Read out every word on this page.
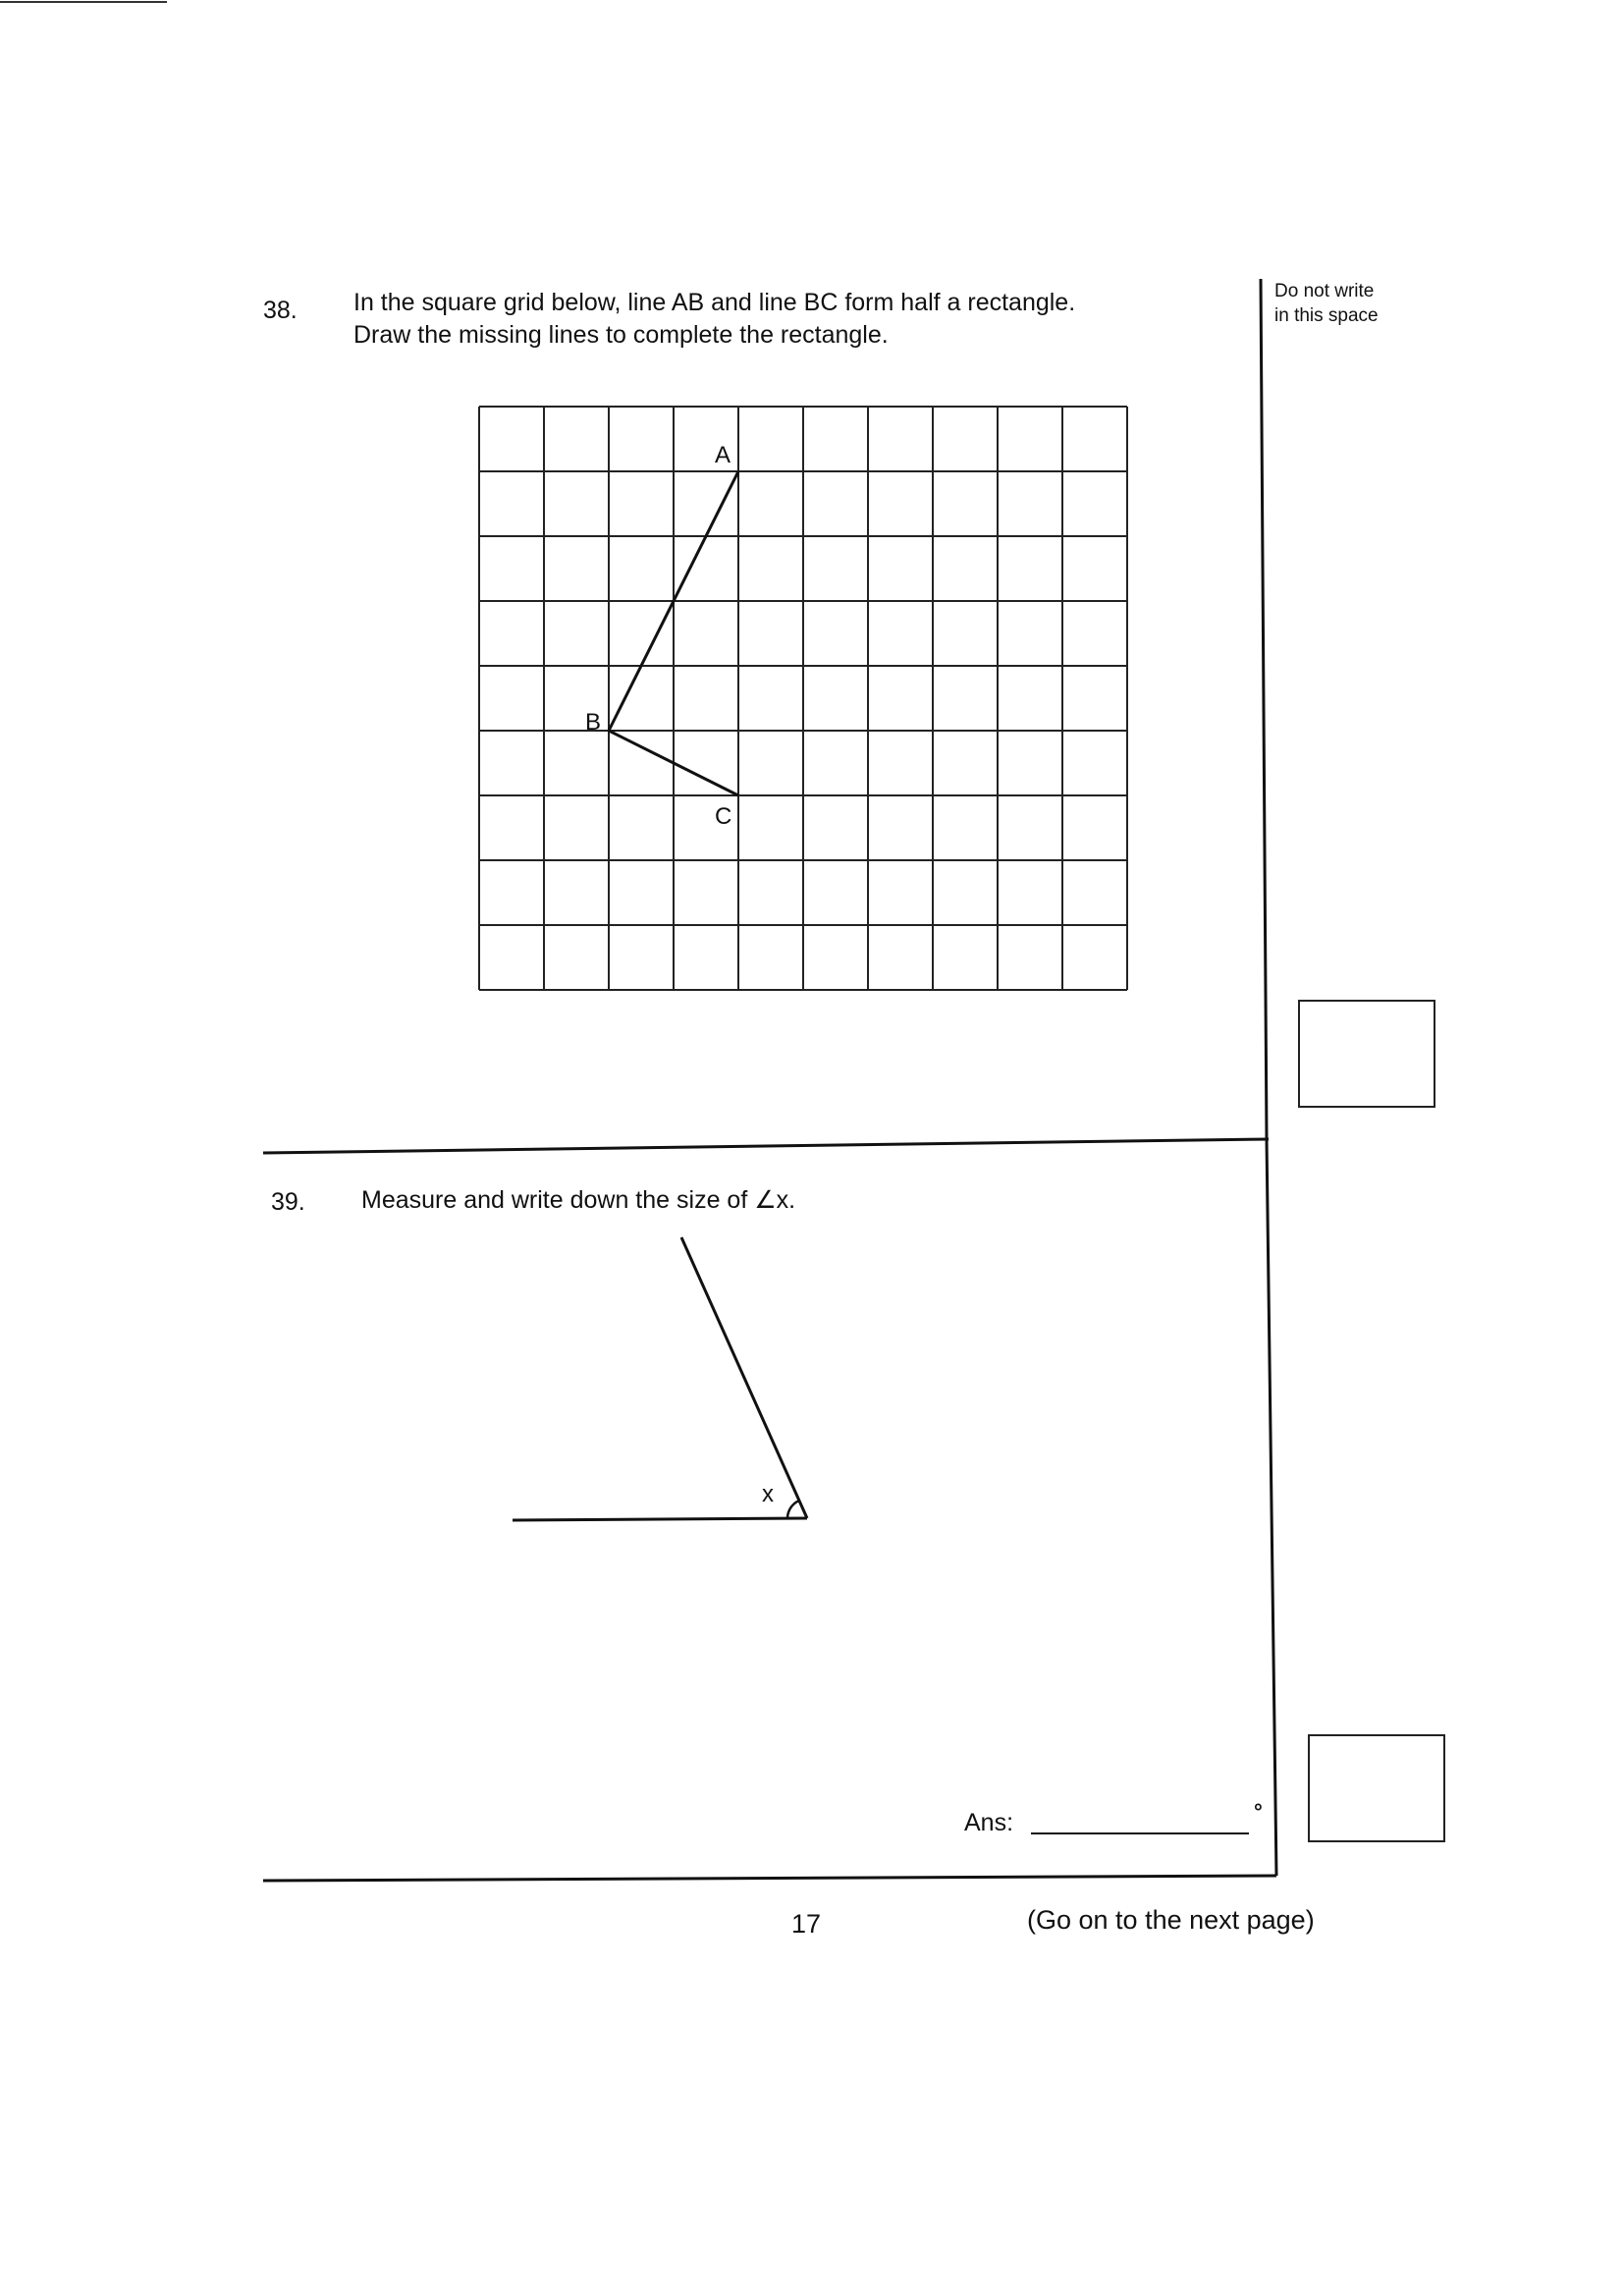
Do not write
in this space
38. In the square grid below, line AB and line BC form half a rectangle.
Draw the missing lines to complete the rectangle.
A
B
C
39. Measure and write down the size of ∠x.
x
Ans:	°
17	(Go on to the next page)
